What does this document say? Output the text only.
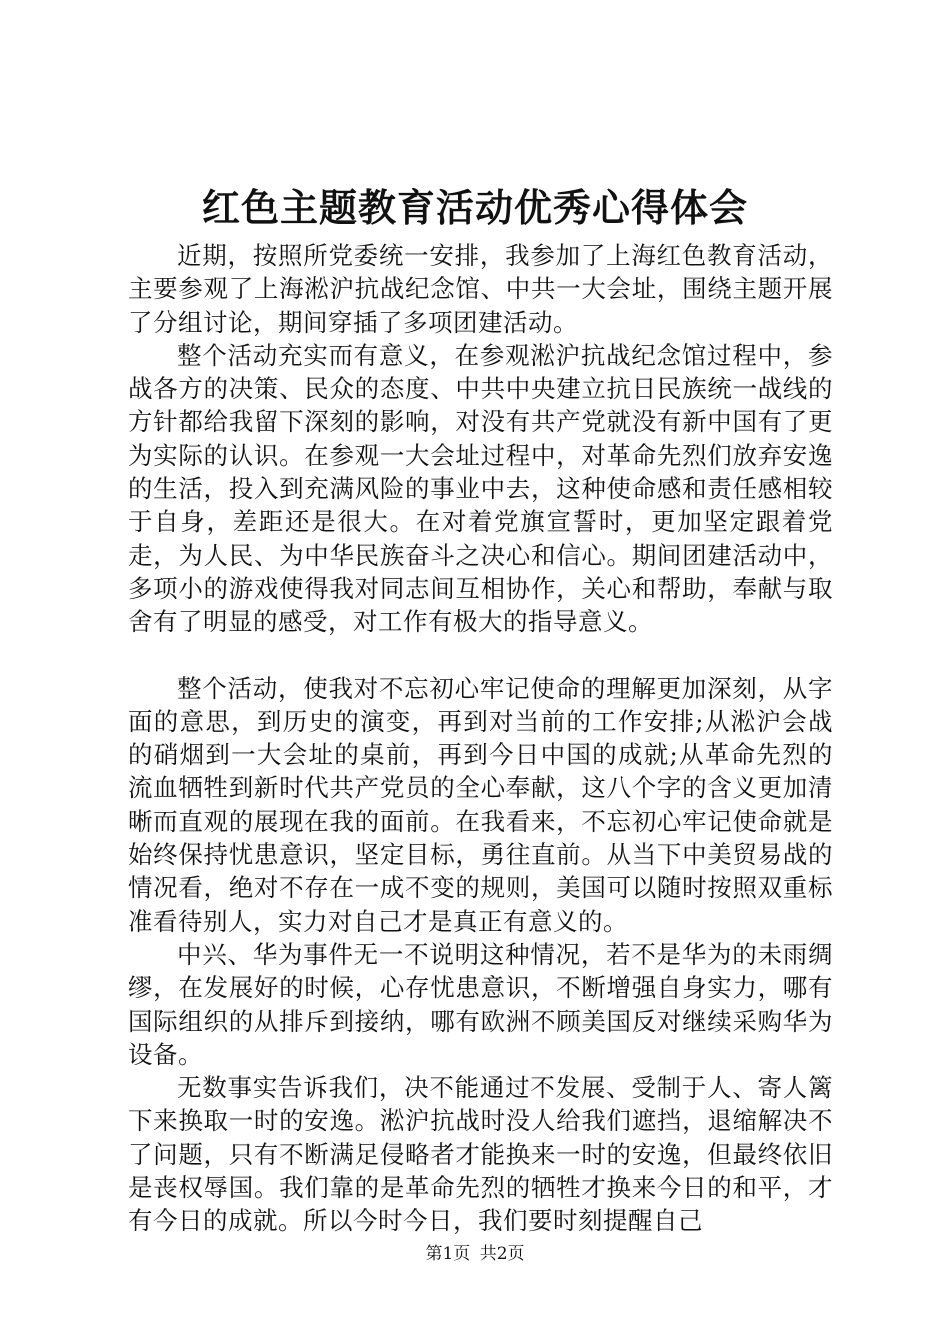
红色主题教育活动优秀心得体会

近期，按照所党委统一安排，我参加了上海红色教育活动，主要参观了上海淞沪抗战纪念馆、中共一大会址，围绕主题开展了分组讨论，期间穿插了多项团建活动。

整个活动充实而有意义，在参观淞沪抗战纪念馆过程中，参战各方的决策、民众的态度、中共中央建立抗日民族统一战线的方针都给我留下深刻的影响，对没有共产党就没有新中国有了更为实际的认识。在参观一大会址过程中，对革命先烈们放弃安逸的生活，投入到充满风险的事业中去，这种使命感和责任感相较于自身，差距还是很大。在对着党旗宣誓时，更加坚定跟着党走，为人民、为中华民族奋斗之决心和信心。期间团建活动中，多项小的游戏使得我对同志间互相协作，关心和帮助，奉献与取舍有了明显的感受，对工作有极大的指导意义。

整个活动，使我对不忘初心牢记使命的理解更加深刻，从字面的意思，到历史的演变，再到对当前的工作安排;从淞沪会战的硝烟到一大会址的桌前，再到今日中国的成就;从革命先烈的流血牺牲到新时代共产党员的全心奉献，这八个字的含义更加清晰而直观的展现在我的面前。在我看来，不忘初心牢记使命就是始终保持忧患意识，坚定目标，勇往直前。从当下中美贸易战的情况看，绝对不存在一成不变的规则，美国可以随时按照双重标准看待别人，实力对自己才是真正有意义的。

中兴、华为事件无一不说明这种情况，若不是华为的未雨绸缪，在发展好的时候，心存忧患意识，不断增强自身实力，哪有国际组织的从排斥到接纳，哪有欧洲不顾美国反对继续采购华为设备。

无数事实告诉我们，决不能通过不发展、受制于人、寄人篱下来换取一时的安逸。淞沪抗战时没人给我们遮挡，退缩解决不了问题，只有不断满足侵略者才能换来一时的安逸，但最终依旧是丧权辱国。我们靠的是革命先烈的牺牲才换来今日的和平，才有今日的成就。所以今时今日，我们要时刻提醒自己

第1页 共2页
